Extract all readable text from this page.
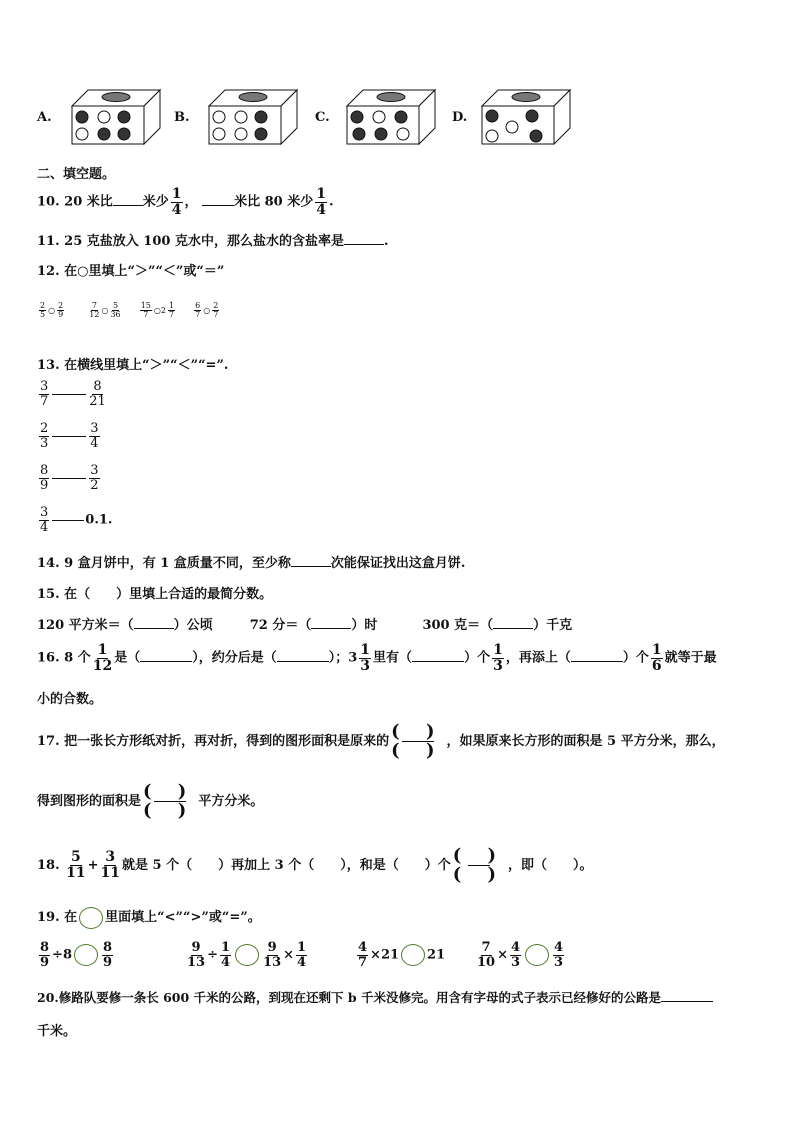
A.	B.	C.	D.
二、填空题。
10. 20 米比 米少 $\frac{1}{4}$ ，	米比 80 米少 $\frac{1}{4}$ .
11. 25 克盐放入 100 克水中，那么盐水的含盐率是	.
12. 在○里填上“＞”“＜”或“＝”
$\frac{2}{5}$ ○ $\frac{2}{9}$
	$\frac{7}{12}$ ○ $\frac{5}{36}$
$\frac{15}{7}$ ○2 $\frac{1}{7}$
$\frac{6}{7}$ ○ $\frac{2}{7}$
13. 在横线里填上“＞”“＜”“=”.
$\frac{3}{7}$	$\frac{8}{21}$
$\frac{2}{3}$	$\frac{3}{4}$
$\frac{8}{9}$	$\frac{3}{2}$
$\frac{3}{4}$	0.1.
14. 9 盒月饼中，有 1 盒质量不同，至少称	次能保证找出这盒月饼.
15. 在（　　）里填上合适的最简分数。
120 平方米＝（	）公顷	72 分＝（	）时	300 克＝（	）千克
16. 8 个 $\frac{1}{12}$ 是（	），约分后是（	）；$3 \frac{1}{3}$ 里有（	）个 $\frac{1}{3}$ ，再添上（	）个 $\frac{1}{6}$ 就等于最
小的合数。
17. 把一张长方形纸对折，再对折，得到的图形面积是原来的 ( )
( ) ，如果原来长方形的面积是 5 平方分米，那么，
得到图形的面积是 ( )
( ) 平方分米。
18. $\frac{5}{11} + \frac{3}{11}$ 就是 5 个（　　）再加上 3 个（　　），和是（　　）个 ( )
( ) ，即（　　）。
19. 在 里面填上“<”“>”或“=”。
$\frac{8}{9} \div 8 \frac{8}{9}$	$\frac{9}{13} \div \frac{1}{4} \frac{9}{13} \times \frac{1}{4}$	$\frac{4}{7} \times 21$ $21 \frac{7}{10} \times \frac{4}{3} \frac{4}{3}$
20.修路队要修一条长 600 千米的公路，到现在还剩下 b 千米没修完。用含有字母的式子表示已经修好的公路是
千米。
